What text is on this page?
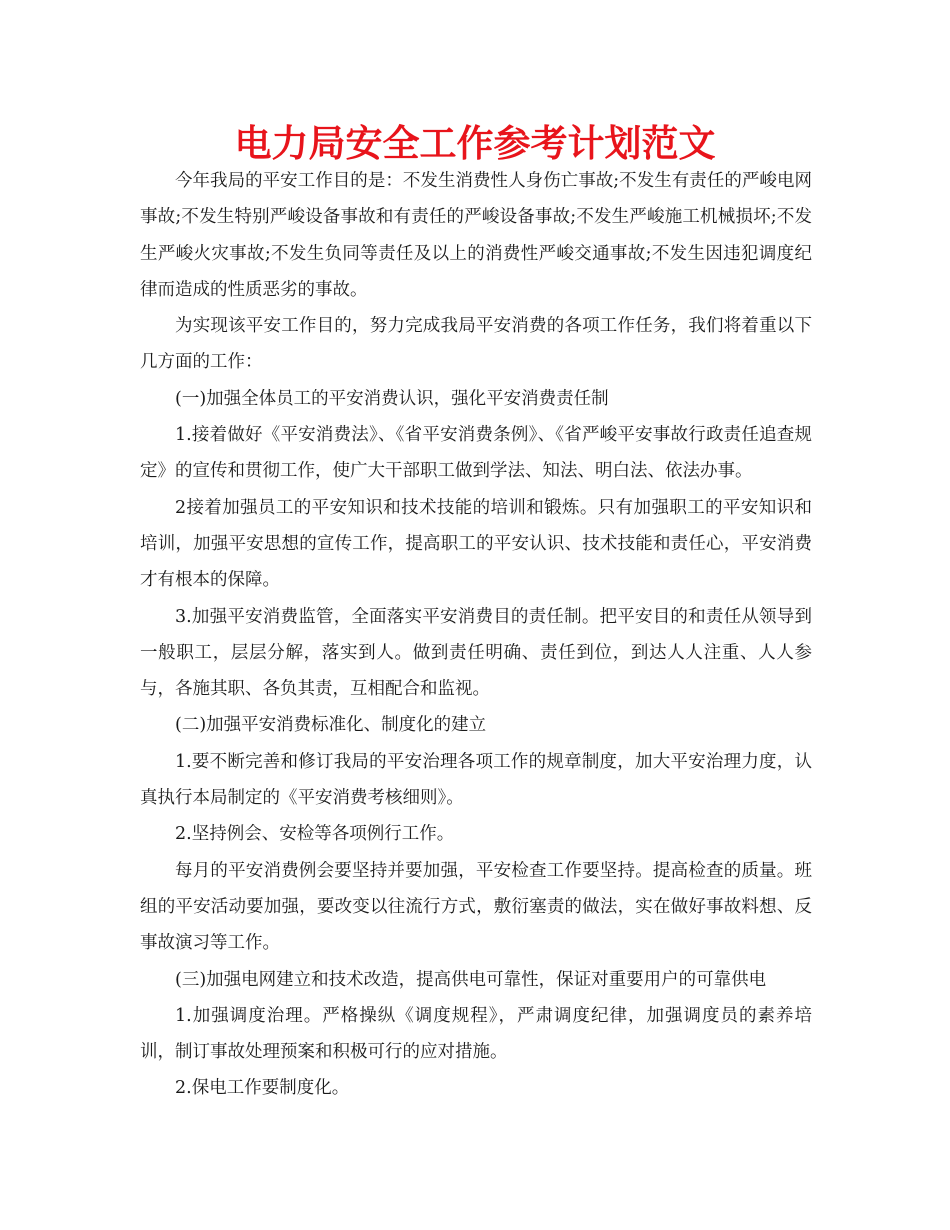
电力局安全工作参考计划范文

今年我局的平安工作目的是：不发生消费性人身伤亡事故;不发生有责任的严峻电网事故;不发生特别严峻设备事故和有责任的严峻设备事故;不发生严峻施工机械损坏;不发生严峻火灾事故;不发生负同等责任及以上的消费性严峻交通事故;不发生因违犯调度纪律而造成的性质恶劣的事故。

为实现该平安工作目的，努力完成我局平安消费的各项工作任务，我们将着重以下几方面的工作：

(一)加强全体员工的平安消费认识，强化平安消费责任制

1.接着做好《平安消费法》、《省平安消费条例》、《省严峻平安事故行政责任追查规定》的宣传和贯彻工作，使广大干部职工做到学法、知法、明白法、依法办事。

2接着加强员工的平安知识和技术技能的培训和锻炼。只有加强职工的平安知识和培训，加强平安思想的宣传工作，提高职工的平安认识、技术技能和责任心，平安消费才有根本的保障。

3.加强平安消费监管，全面落实平安消费目的责任制。把平安目的和责任从领导到一般职工，层层分解，落实到人。做到责任明确、责任到位，到达人人注重、人人参与，各施其职、各负其责，互相配合和监视。

(二)加强平安消费标准化、制度化的建立

1.要不断完善和修订我局的平安治理各项工作的规章制度，加大平安治理力度，认真执行本局制定的《平安消费考核细则》。

2.坚持例会、安检等各项例行工作。

每月的平安消费例会要坚持并要加强，平安检查工作要坚持。提高检查的质量。班组的平安活动要加强，要改变以往流行方式，敷衍塞责的做法，实在做好事故料想、反事故演习等工作。

(三)加强电网建立和技术改造，提高供电可靠性，保证对重要用户的可靠供电

1.加强调度治理。严格操纵《调度规程》，严肃调度纪律，加强调度员的素养培训，制订事故处理预案和积极可行的应对措施。

2.保电工作要制度化。
